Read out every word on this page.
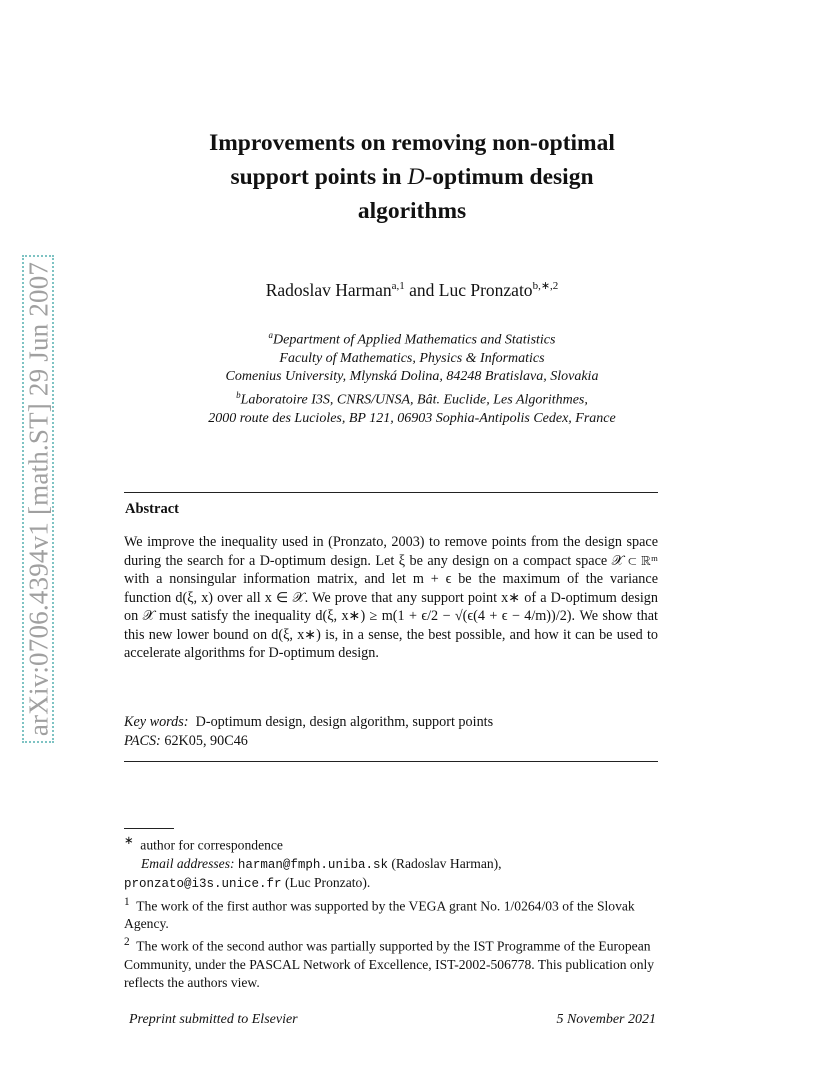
arXiv:0706.4394v1 [math.ST] 29 Jun 2007
Improvements on removing non-optimal
support points in D-optimum design
algorithms
Radoslav Harman$^{a,1}$ and Luc Pronzato$^{b,∗,2}$
$^a$Department of Applied Mathematics and Statistics
Faculty of Mathematics, Physics & Informatics
Comenius University, Mlynská Dolina, 84248 Bratislava, Slovakia
$^b$Laboratoire I3S, CNRS/UNSA, Bât. Euclide, Les Algorithmes,
2000 route des Lucioles, BP 121, 06903 Sophia-Antipolis Cedex, France
Abstract
We improve the inequality used in (Pronzato, 2003) to remove points from the design space during the search for a D-optimum design. Let ξ be any design on a compact space 𝒳 ⊂ ℝᵐ with a nonsingular information matrix, and let m + ϵ be the maximum of the variance function d(ξ, x) over all x ∈ 𝒳. We prove that any support point x∗ of a D-optimum design on 𝒳 must satisfy the inequality d(ξ, x∗) ≥ m(1 + ϵ/2 − √(ϵ(4 + ϵ − 4/m))/2). We show that this new lower bound on d(ξ, x∗) is, in a sense, the best possible, and how it can be used to accelerate algorithms for D-optimum design.
Key words: D-optimum design, design algorithm, support points
PACS: 62K05, 90C46
∗ author for correspondence
Email addresses: harman@fmph.uniba.sk (Radoslav Harman),
pronzato@i3s.unice.fr (Luc Pronzato).
$^1$ The work of the first author was supported by the VEGA grant No. 1/0264/03 of the Slovak Agency.
$^2$ The work of the second author was partially supported by the IST Programme of the European Community, under the PASCAL Network of Excellence, IST-2002-506778. This publication only reflects the authors view.
Preprint submitted to Elsevier	5 November 2021
